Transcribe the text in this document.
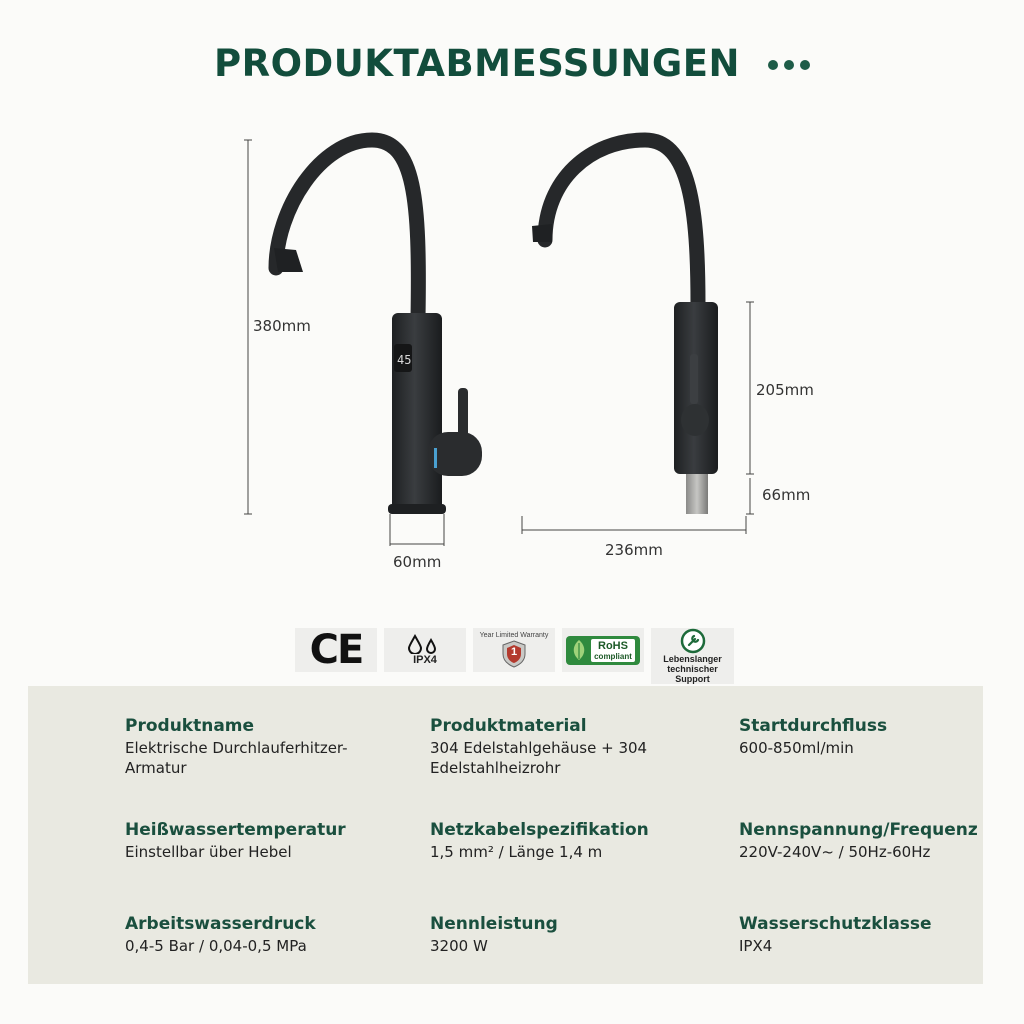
PRODUKTABMESSUNGEN
45
380mm
60mm
205mm
66mm
236mm
CE	IPX4
Year Limited Warranty
1
RoHS
compliant	Lebenslanger
technischer Support
Produktname
Elektrische Durchlauferhitzer-Armatur
Produktmaterial
304 Edelstahlgehäuse + 304 Edelstahlheizrohr
Startdurchfluss
600-850ml/min
Heißwassertemperatur
Einstellbar über Hebel
Netzkabelspezifikation
1,5 mm² / Länge 1,4 m
Nennspannung/Frequenz
220V-240V~ / 50Hz-60Hz
Arbeitswasserdruck
0,4-5 Bar / 0,04-0,5 MPa
Nennleistung
3200 W
Wasserschutzklasse
IPX4
